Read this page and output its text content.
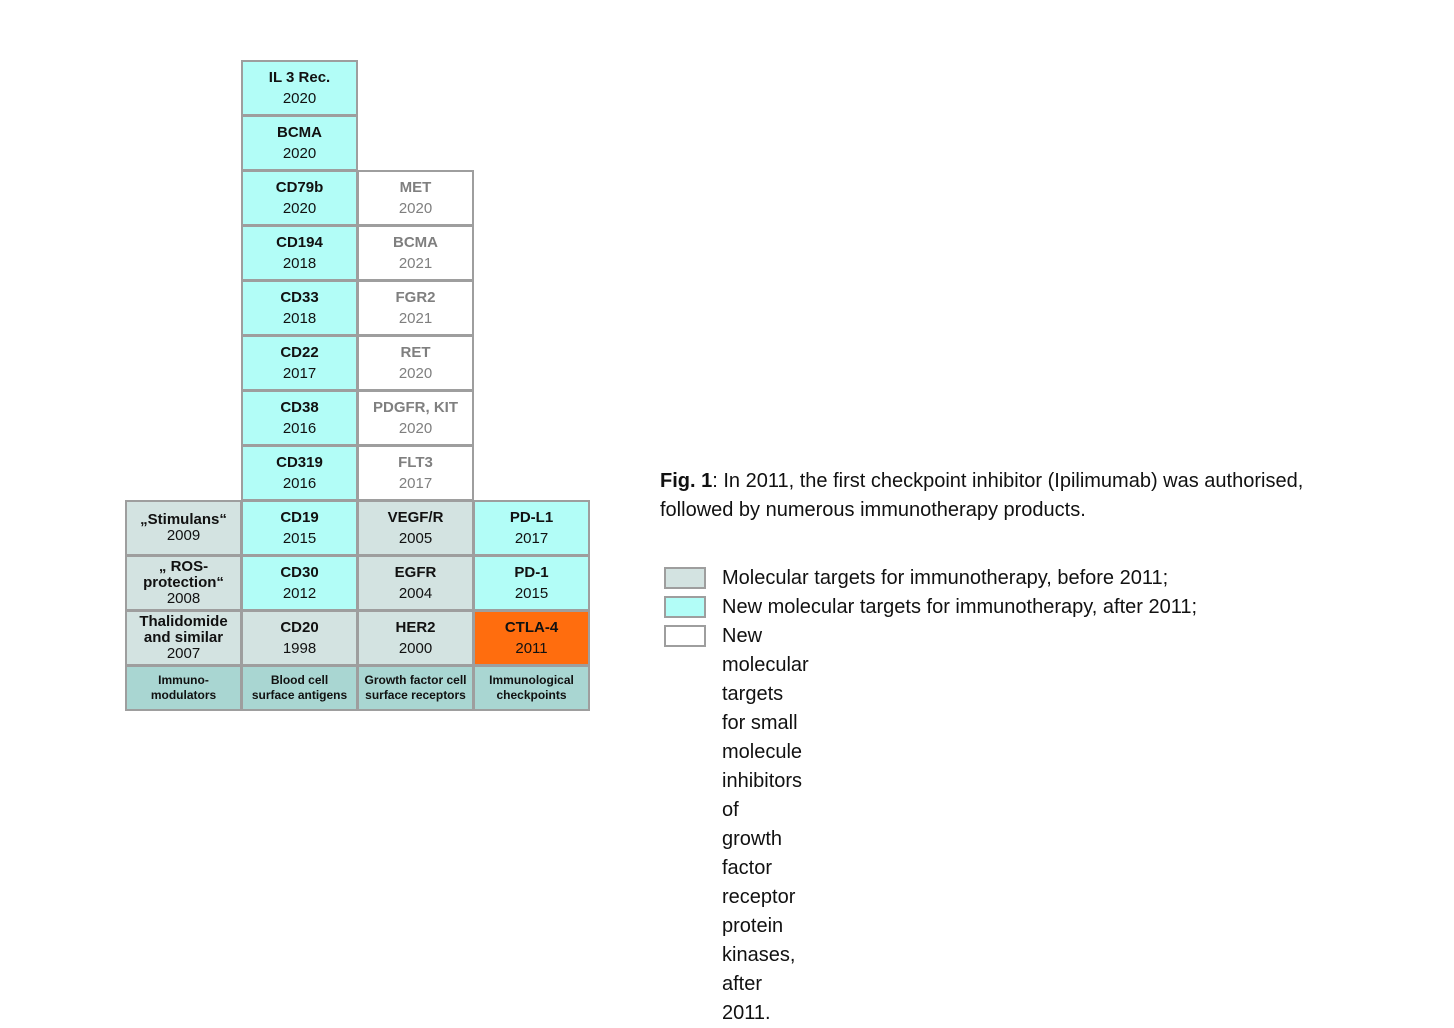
„Stimulans“
2009
„ ROS-
protection“
2008
Thalidomide
and similar
2007
Immuno-
modulators
IL 3 Rec.
2020
BCMA
2020
CD79b
2020
CD194
2018
CD33
2018
CD22
2017
CD38
2016
CD319
2016
CD19
2015
CD30
2012
CD20
1998
Blood cell
surface antigens
MET
2020
BCMA
2021
FGR2
2021
RET
2020
PDGFR, KIT
2020
FLT3
2017
VEGF/R
2005
EGFR
2004
HER2
2000
Growth factor cell
surface receptors
PD-L1
2017
PD-1
2015
CTLA-4
2011
Immunological
checkpoints
Fig. 1: In 2011, the first checkpoint inhibitor (Ipilimumab) was authorised, followed by numerous immunotherapy products.
Molecular targets for immunotherapy, before 2011;
New molecular targets for immunotherapy, after 2011;
New molecular targets for small molecule inhibitors of
growth factor receptor protein kinases, after 2011.
